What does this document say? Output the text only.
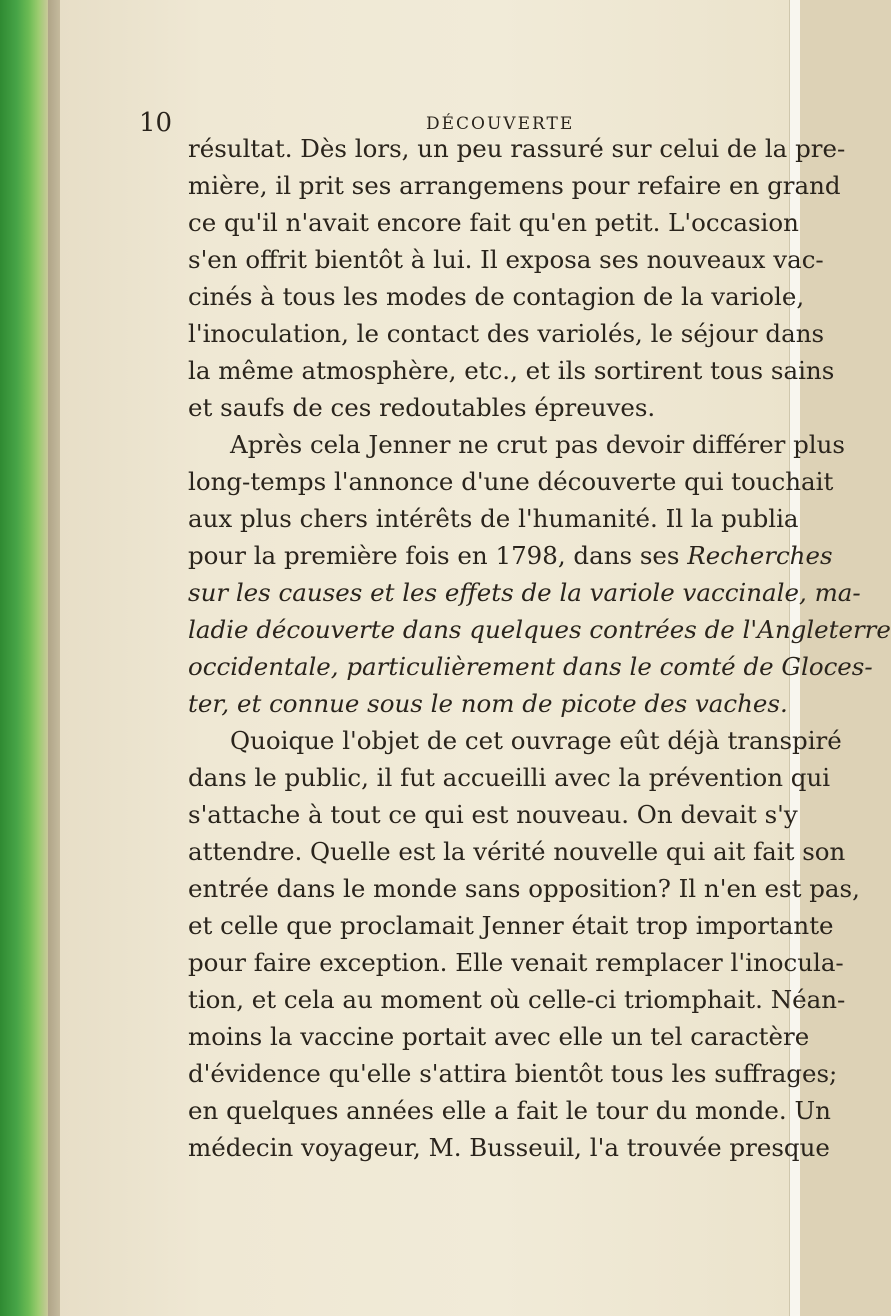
10	DÉCOUVERTE
résultat. Dès lors, un peu rassuré sur celui de la pre-
mière, il prit ses arrangemens pour refaire en grand
ce qu'il n'avait encore fait qu'en petit. L'occasion
s'en offrit bientôt à lui. Il exposa ses nouveaux vac-
cinés à tous les modes de contagion de la variole,
l'inoculation, le contact des variolés, le séjour dans
la même atmosphère, etc., et ils sortirent tous sains
et saufs de ces redoutables épreuves.
Après cela Jenner ne crut pas devoir différer plus
long-temps l'annonce d'une découverte qui touchait
aux plus chers intérêts de l'humanité. Il la publia
pour la première fois en 1798, dans ses Recherches
sur les causes et les effets de la variole vaccinale, ma-
ladie découverte dans quelques contrées de l'Angleterre
occidentale, particulièrement dans le comté de Gloces-
ter, et connue sous le nom de picote des vaches.
Quoique l'objet de cet ouvrage eût déjà transpiré
dans le public, il fut accueilli avec la prévention qui
s'attache à tout ce qui est nouveau. On devait s'y
attendre. Quelle est la vérité nouvelle qui ait fait son
entrée dans le monde sans opposition? Il n'en est pas,
et celle que proclamait Jenner était trop importante
pour faire exception. Elle venait remplacer l'inocula-
tion, et cela au moment où celle-ci triomphait. Néan-
moins la vaccine portait avec elle un tel caractère
d'évidence qu'elle s'attira bientôt tous les suffrages;
en quelques années elle a fait le tour du monde. Un
médecin voyageur, M. Busseuil, l'a trouvée presque
